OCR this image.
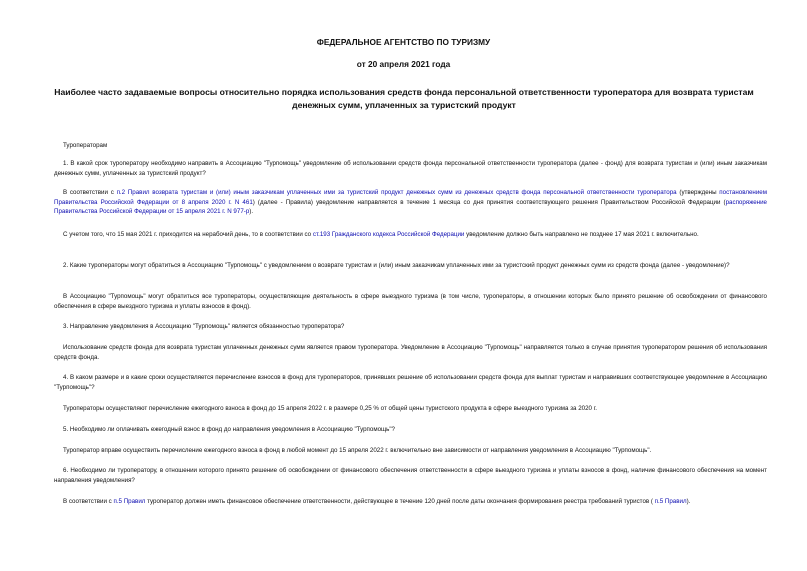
ФЕДЕРАЛЬНОЕ АГЕНТСТВО ПО ТУРИЗМУ

от 20 апреля 2021 года

Наиболее часто задаваемые вопросы относительно порядка использования средств фонда персональной ответственности туроператора для возврата туристам денежных сумм, уплаченных за туристский продукт

Туроператорам

1. В какой срок туроператору необходимо направить в Ассоциацию "Турпомощь" уведомление об использовании средств фонда персональной ответственности туроператора (далее - фонд) для возврата туристам и (или) иным заказчикам денежных сумм, уплаченных за туристский продукт?

В соответствии с п.2 Правил возврата туристам и (или) иным заказчикам уплаченных ими за туристский продукт денежных сумм из денежных средств фонда персональной ответственности туроператора (утверждены постановлением Правительства Российской Федерации от 8 апреля 2020 г. N 461) (далее - Правила) уведомление направляется в течение 1 месяца со дня принятия соответствующего решения Правительством Российской Федерации (распоряжение Правительства Российской Федерации от 15 апреля 2021 г. N 977-р).

С учетом того, что 15 мая 2021 г. приходится на нерабочий день, то в соответствии со ст.193 Гражданского кодекса Российской Федерации уведомление должно быть направлено не позднее 17 мая 2021 г. включительно.

2. Какие туроператоры могут обратиться в Ассоциацию "Турпомощь" с уведомлением о возврате туристам и (или) иным заказчикам уплаченных ими за туристский продукт денежных сумм из средств фонда (далее - уведомление)?

В Ассоциацию "Турпомощь" могут обратиться все туроператоры, осуществляющие деятельность в сфере выездного туризма (в том числе, туроператоры, в отношении которых было принято решение об освобождении от финансового обеспечения в сфере выездного туризма и уплаты взносов в фонд).

3. Направление уведомления в Ассоциацию "Турпомощь" является обязанностью туроператора?

Использование средств фонда для возврата туристам уплаченных денежных сумм является правом туроператора. Уведомление в Ассоциацию "Турпомощь" направляется только в случае принятия туроператором решения об использования средств фонда.

4. В каком размере и в какие сроки осуществляется перечисление взносов в фонд для туроператоров, принявших решение об использовании средств фонда для выплат туристам и направивших соответствующее уведомление в Ассоциацию "Турпомощь"?

Туроператоры осуществляют перечисление ежегодного взноса в фонд до 15 апреля 2022 г. в размере 0,25 % от общей цены туристского продукта в сфере выездного туризма за 2020 г.

5. Необходимо ли оплачивать ежегодный взнос в фонд до направления уведомления в Ассоциацию "Турпомощь"?

Туроператор вправе осуществить перечисление ежегодного взноса в фонд в любой момент до 15 апреля 2022 г. включительно вне зависимости от направления уведомления в Ассоциацию "Турпомощь".

6. Необходимо ли туроператору, в отношении которого принято решение об освобождении от финансового обеспечения ответственности в сфере выездного туризма и уплаты взносов в фонд, наличие финансового обеспечения на момент направления уведомления?

В соответствии с п.5 Правил туроператор должен иметь финансовое обеспечение ответственности, действующее в течение 120 дней после даты окончания формирования реестра требований туристов ( п.5 Правил).
